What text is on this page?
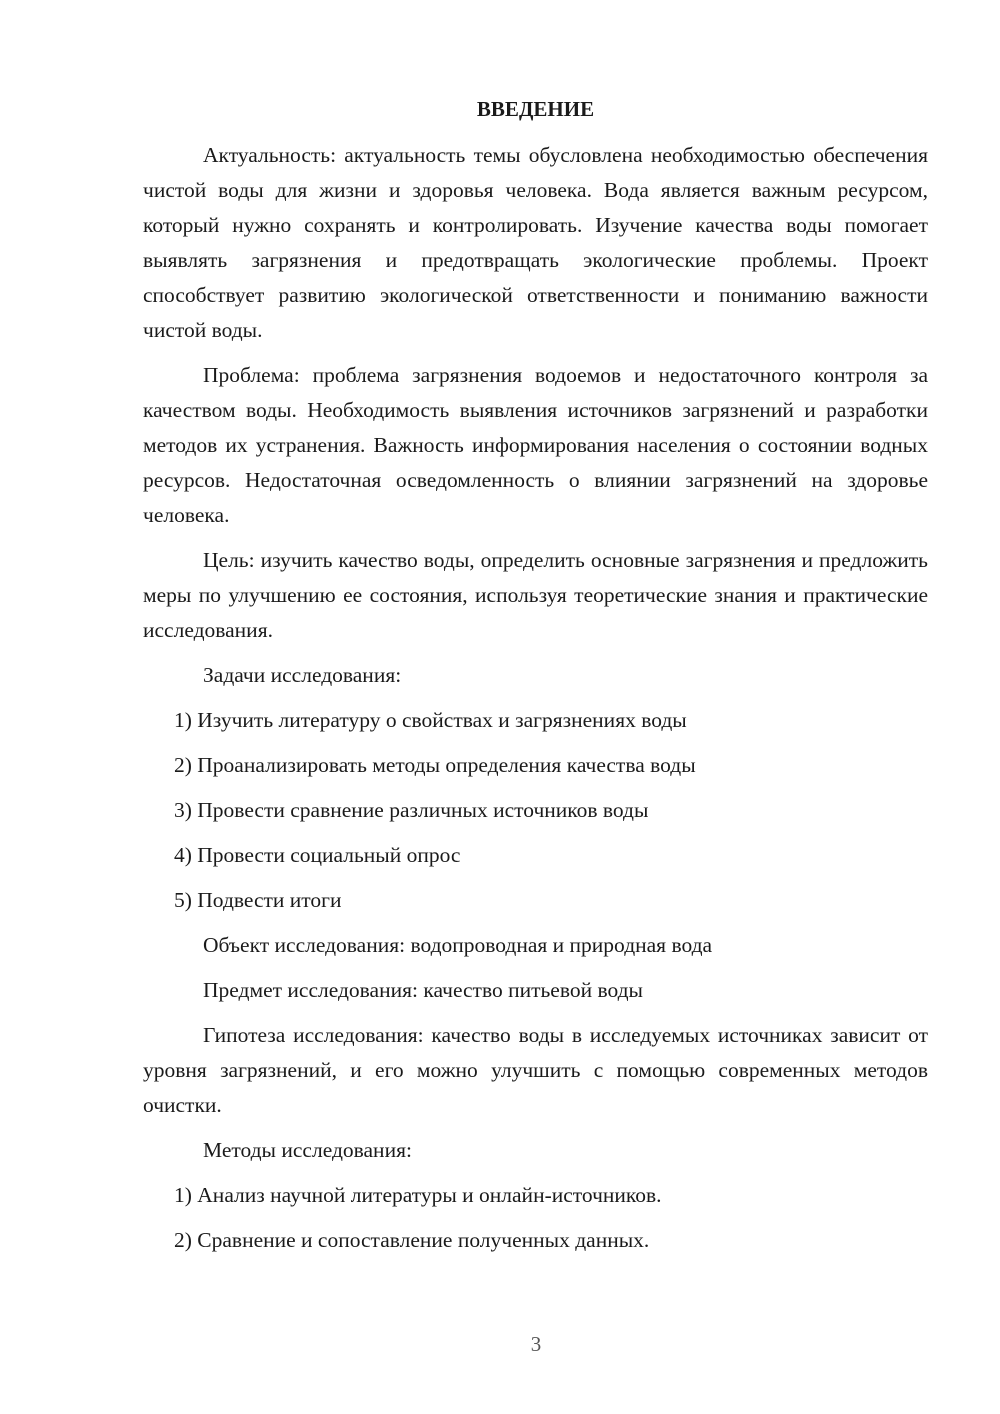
ВВЕДЕНИЕ

Актуальность: актуальность темы обусловлена необходимостью обеспечения чистой воды для жизни и здоровья человека. Вода является важным ресурсом, который нужно сохранять и контролировать. Изучение качества воды помогает выявлять загрязнения и предотвращать экологические проблемы. Проект способствует развитию экологической ответственности и пониманию важности чистой воды.

Проблема: проблема загрязнения водоемов и недостаточного контроля за качеством воды. Необходимость выявления источников загрязнений и разработки методов их устранения. Важность информирования населения о состоянии водных ресурсов. Недостаточная осведомленность о влиянии загрязнений на здоровье человека.

Цель: изучить качество воды, определить основные загрязнения и предложить меры по улучшению ее состояния, используя теоретические знания и практические исследования.

Задачи исследования:

1) Изучить литературу о свойствах и загрязнениях воды
2) Проанализировать методы определения качества воды
3) Провести сравнение различных источников воды
4) Провести социальный опрос
5) Подвести итоги

Объект исследования: водопроводная и природная вода

Предмет исследования: качество питьевой воды

Гипотеза исследования: качество воды в исследуемых источниках зависит от уровня загрязнений, и его можно улучшить с помощью современных методов очистки.

Методы исследования:

1) Анализ научной литературы и онлайн-источников.
2) Сравнение и сопоставление полученных данных.
3
